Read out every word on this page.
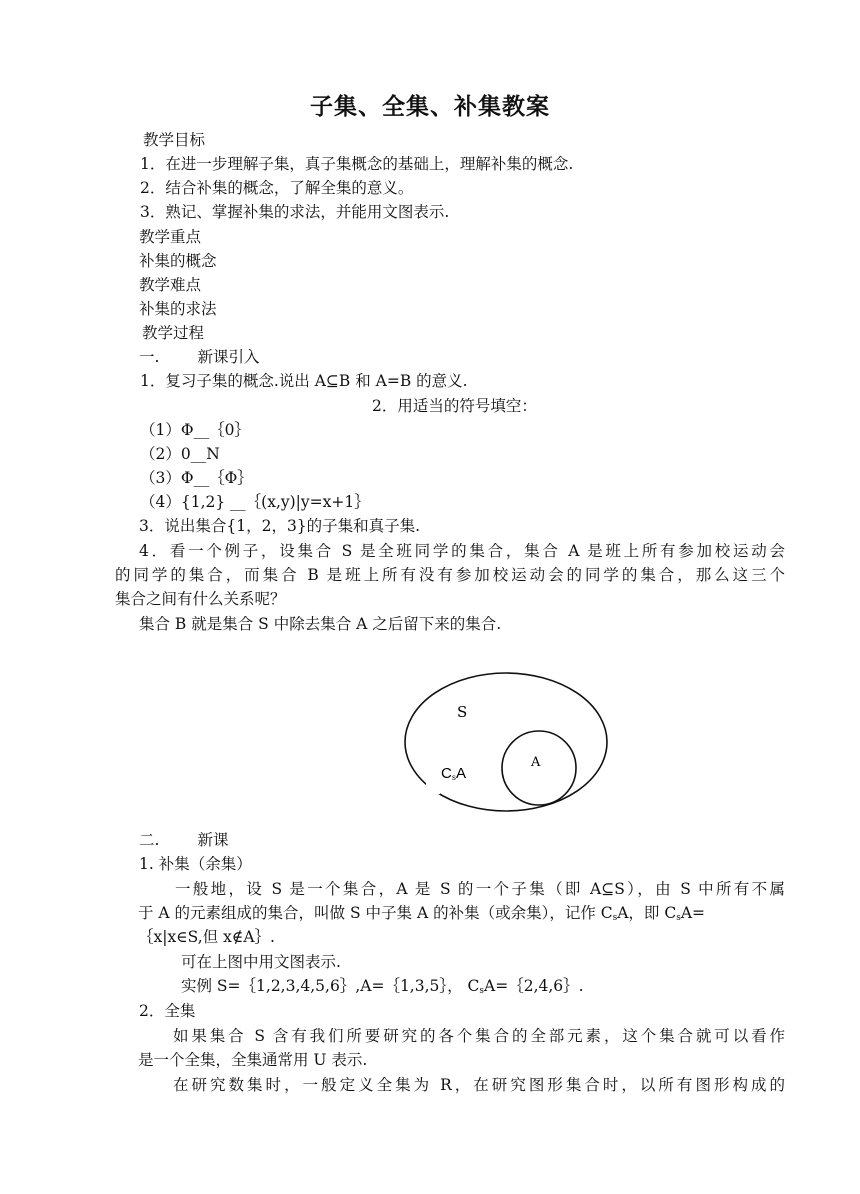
子集、全集、补集教案
教学目标
1．在进一步理解子集，真子集概念的基础上，理解补集的概念.
2．结合补集的概念，了解全集的意义。
3．熟记、掌握补集的求法，并能用文图表示.
教学重点
补集的概念
教学难点
补集的求法
教学过程
一. 新课引入
1．复习子集的概念.说出 A⊆B 和 A=B 的意义.
2．用适当的符号填空：
（1）Φ__｛0｝
（2）0__N
（3）Φ__｛Φ｝
（4）{1,2} __｛(x,y)|y=x+1｝
3．说出集合{1，2，3}的子集和真子集.
4．看一个例子，设集合 S 是全班同学的集合，集合 A 是班上所有参加校运动会
的同学的集合，而集合 B 是班上所有没有参加校运动会的同学的集合，那么这三个
集合之间有什么关系呢？
集合 B 就是集合 S 中除去集合 A 之后留下来的集合.
S
A
CsA
二. 新课
1. 补集（余集）
一般地，设 S 是一个集合，A 是 S 的一个子集（即 A⊆S），由 S 中所有不属
于 A 的元素组成的集合，叫做 S 中子集 A 的补集（或余集），记作 $C_sA$，即 $C_sA=$
｛x|x∈S,但 x∉A｝.
可在上图中用文图表示.
实例 S=｛1,2,3,4,5,6｝,A=｛1,3,5｝， $C_sA=\{2,4,6\}$.
2．全集
如果集合 S 含有我们所要研究的各个集合的全部元素，这个集合就可以看作
是一个全集，全集通常用 U 表示.
在研究数集时，一般定义全集为 R，在研究图形集合时，以所有图形构成的
